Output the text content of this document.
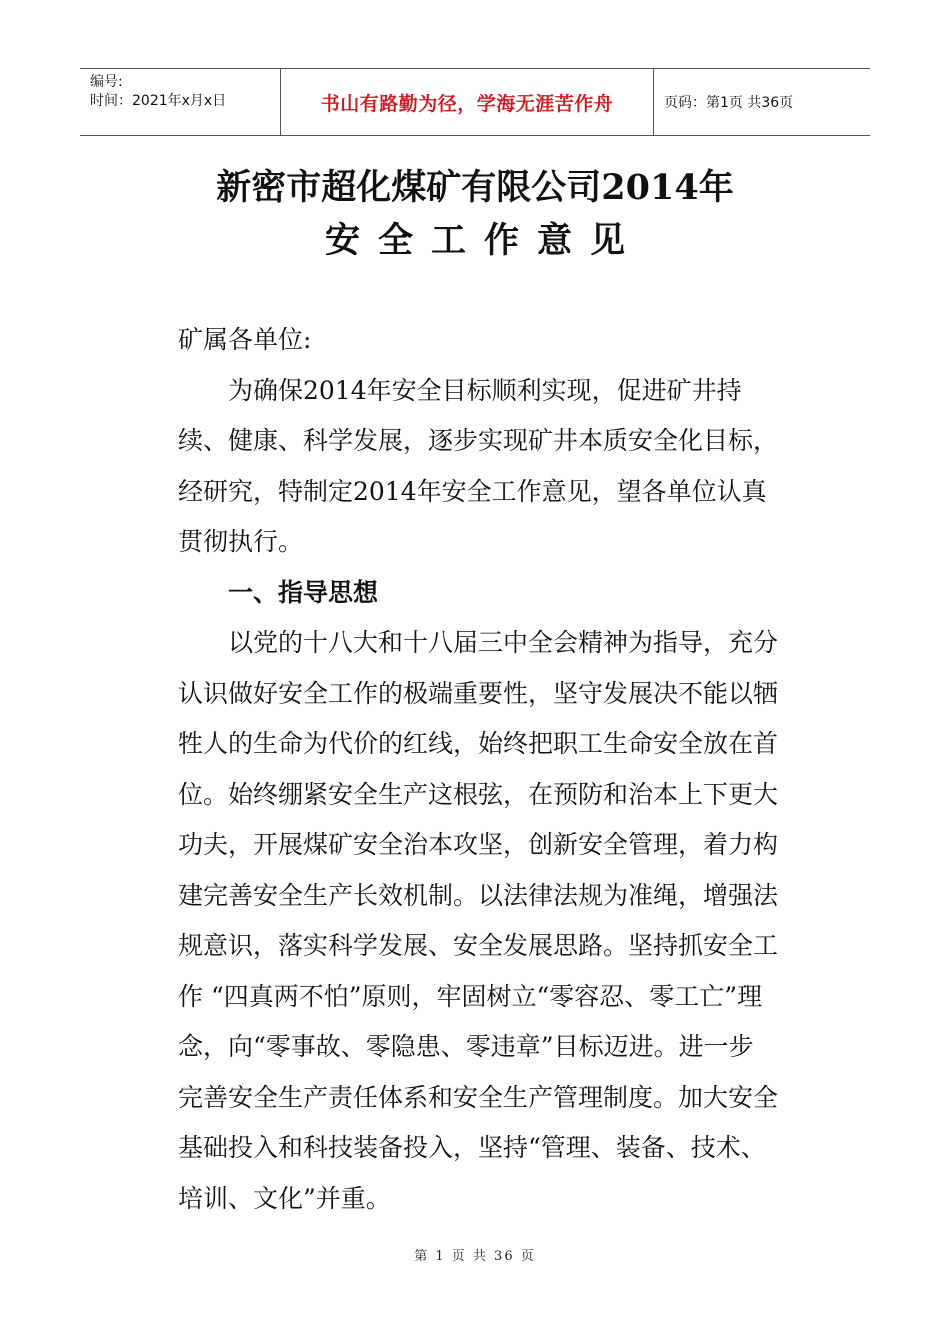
编号:
时间：2021年x月x日	书山有路勤为径，学海无涯苦作舟	页码：第1页 共36页
新密市超化煤矿有限公司2014年
安全工作意见

矿属各单位:

为确保2014年安全目标顺利实现，促进矿井持续、健康、科学发展，逐步实现矿井本质安全化目标，经研究，特制定2014年安全工作意见，望各单位认真贯彻执行。

一、指导思想

以党的十八大和十八届三中全会精神为指导，充分认识做好安全工作的极端重要性，坚守发展决不能以牺牲人的生命为代价的红线，始终把职工生命安全放在首位。始终绷紧安全生产这根弦，在预防和治本上下更大功夫，开展煤矿安全治本攻坚，创新安全管理，着力构建完善安全生产长效机制。以法律法规为准绳，增强法规意识，落实科学发展、安全发展思路。坚持抓安全工作 “四真两不怕”原则，牢固树立“零容忍、零工亡”理念，向“零事故、零隐患、零违章”目标迈进。进一步完善安全生产责任体系和安全生产管理制度。加大安全基础投入和科技装备投入，坚持“管理、装备、技术、培训、文化”并重。

第 1 页 共 36 页
